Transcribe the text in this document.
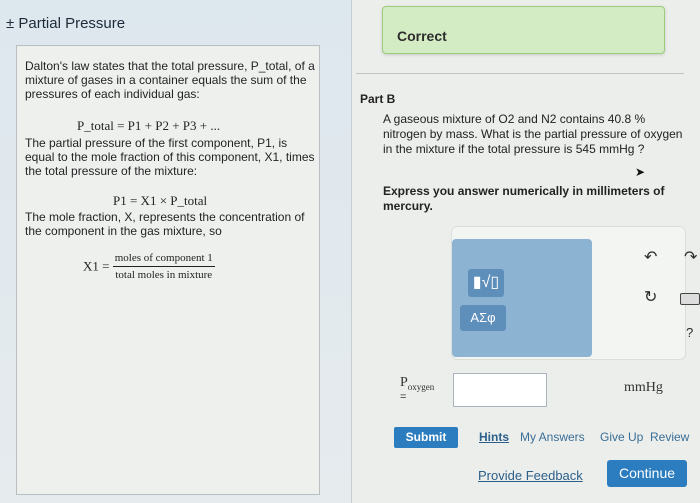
± Partial Pressure
Dalton's law states that the total pressure, P_total, of a mixture of gases in a container equals the sum of the pressures of each individual gas:
P_total = P1 + P2 + P3 + ...
The partial pressure of the first component, P1, is equal to the mole fraction of this component, X1, times the total pressure of the mixture:
P1 = X1 × P_total
The mole fraction, X, represents the concentration of the component in the gas mixture, so
$X1 = \frac{\text{moles of component 1}}{\text{total moles in mixture}}$
Correct
Part B
A gaseous mixture of O2 and N2 contains 40.8 % nitrogen by mass. What is the partial pressure of oxygen in the mixture if the total pressure is 545 mmHg ?
➤
Express you answer numerically in millimeters of mercury.
▮√▯
ΑΣφ
↶ ↷
↻
?
$P_{oxygen}$
=
mmHg
Submit	Hints My Answers Give Up Review
Provide Feedback	Continue
